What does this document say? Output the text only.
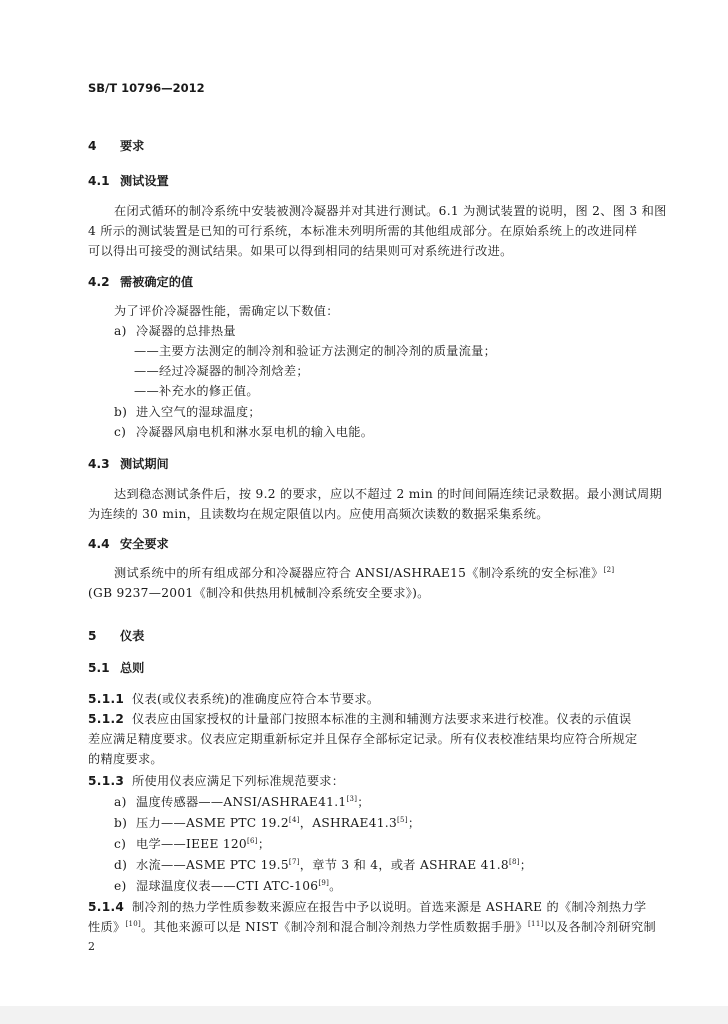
SB/T 10796—2012
4 要求
4.1 测试设置
在闭式循环的制冷系统中安装被测冷凝器并对其进行测试。6.1 为测试装置的说明，图 2、图 3 和图
4 所示的测试装置是已知的可行系统，本标准未列明所需的其他组成部分。在原始系统上的改进同样
可以得出可接受的测试结果。如果可以得到相同的结果则可对系统进行改进。
4.2 需被确定的值
为了评价冷凝器性能，需确定以下数值：
a) 冷凝器的总排热量
——主要方法测定的制冷剂和验证方法测定的制冷剂的质量流量；
——经过冷凝器的制冷剂焓差；
——补充水的修正值。
b) 进入空气的湿球温度；
c) 冷凝器风扇电机和淋水泵电机的输入电能。
4.3 测试期间
达到稳态测试条件后，按 9.2 的要求，应以不超过 2 min 的时间间隔连续记录数据。最小测试周期
为连续的 30 min，且读数均在规定限值以内。应使用高频次读数的数据采集系统。
4.4 安全要求
测试系统中的所有组成部分和冷凝器应符合 ANSI/ASHRAE15《制冷系统的安全标准》[2]
(GB 9237—2001《制冷和供热用机械制冷系统安全要求》)。
5 仪表
5.1 总则
5.1.1 仪表(或仪表系统)的准确度应符合本节要求。
5.1.2 仪表应由国家授权的计量部门按照本标准的主测和辅测方法要求来进行校准。仪表的示值误
差应满足精度要求。仪表应定期重新标定并且保存全部标定记录。所有仪表校准结果均应符合所规定
的精度要求。
5.1.3 所使用仪表应满足下列标准规范要求：
a) 温度传感器——ANSI/ASHRAE41.1[3]；
b) 压力——ASME PTC 19.2[4]，ASHRAE41.3[5]；
c) 电学——IEEE 120[6]；
d) 水流——ASME PTC 19.5[7]，章节 3 和 4，或者 ASHRAE 41.8[8]；
e) 湿球温度仪表——CTI ATC-106[9]。
5.1.4 制冷剂的热力学性质参数来源应在报告中予以说明。首选来源是 ASHARE 的《制冷剂热力学
性质》[10]。其他来源可以是 NIST《制冷剂和混合制冷剂热力学性质数据手册》[11]以及各制冷剂研究制
2
